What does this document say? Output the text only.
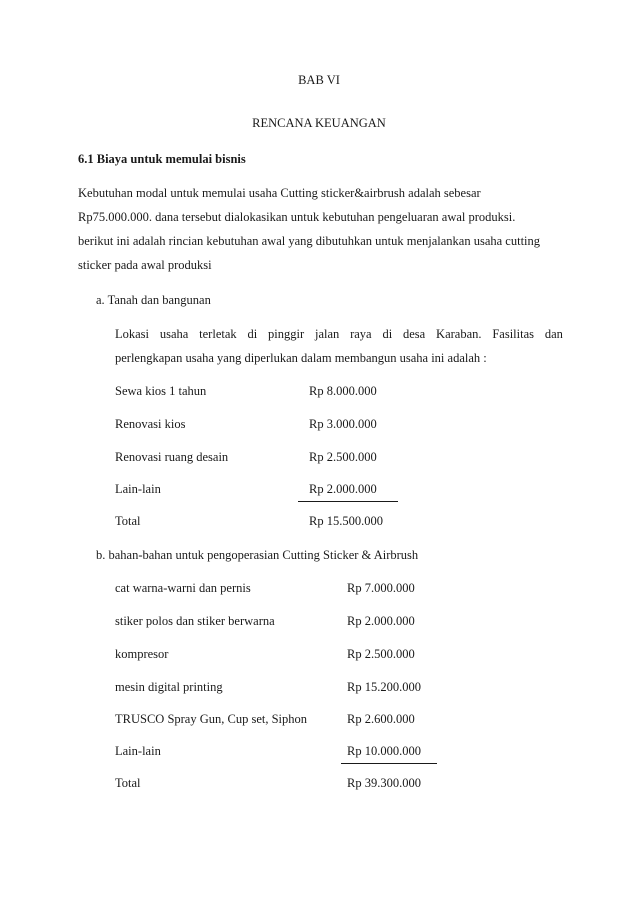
BAB VI
RENCANA KEUANGAN
6.1 Biaya untuk memulai bisnis
Kebutuhan modal untuk memulai usaha Cutting sticker&airbrush adalah sebesar
Rp75.000.000. dana tersebut dialokasikan untuk kebutuhan pengeluaran awal produksi.
berikut ini adalah rincian kebutuhan awal yang dibutuhkan untuk menjalankan usaha cutting
sticker pada awal produksi
a. Tanah dan bangunan
Lokasi usaha terletak di pinggir jalan raya di desa Karaban. Fasilitas dan
perlengkapan usaha yang diperlukan dalam membangun usaha ini adalah :
Sewa kios 1 tahun	Rp 8.000.000
Renovasi kios	Rp 3.000.000
Renovasi ruang desain	Rp 2.500.000
Lain-lain	Rp 2.000.000
Total	Rp 15.500.000
b. bahan-bahan untuk pengoperasian Cutting Sticker & Airbrush
cat warna-warni dan pernis	Rp 7.000.000
stiker polos dan stiker berwarna	Rp 2.000.000
kompresor	Rp 2.500.000
mesin digital printing	Rp 15.200.000
TRUSCO Spray Gun, Cup set, Siphon	Rp 2.600.000
Lain-lain	Rp 10.000.000
Total	Rp 39.300.000
